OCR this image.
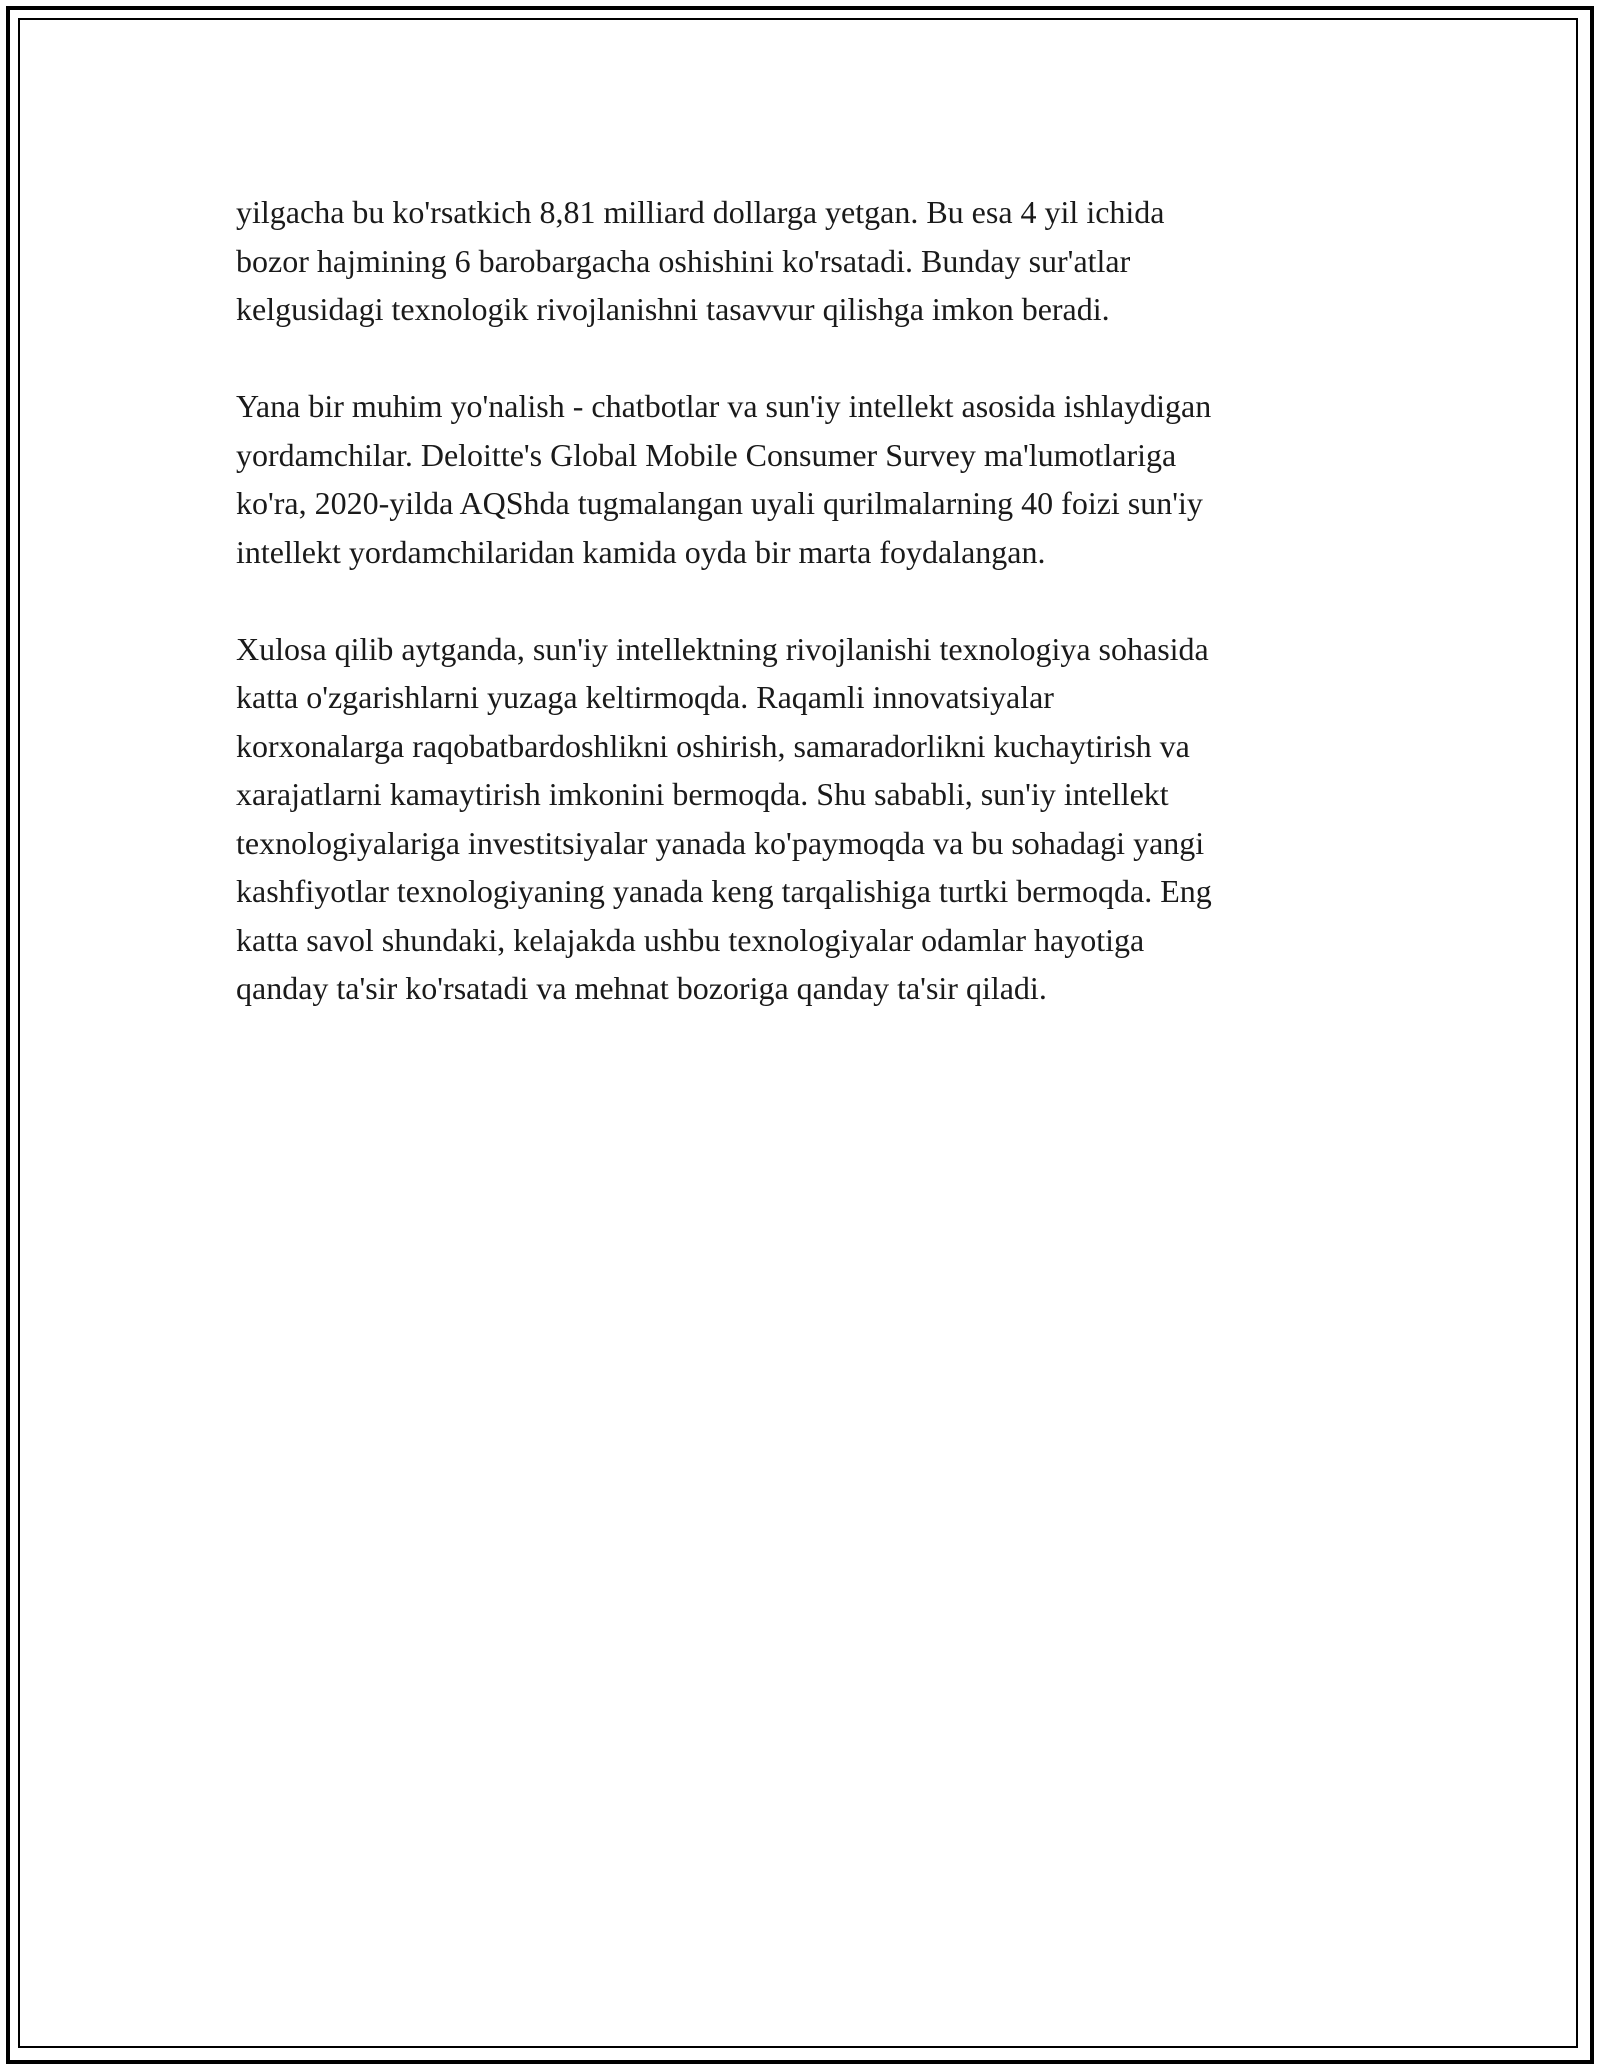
yilgacha bu ko'rsatkich 8,81 milliard dollarga yetgan. Bu esa 4 yil ichida
bozor hajmining 6 barobargacha oshishini ko'rsatadi. Bunday sur'atlar
kelgusidagi texnologik rivojlanishni tasavvur qilishga imkon beradi.

Yana bir muhim yo'nalish - chatbotlar va sun'iy intellekt asosida ishlaydigan
yordamchilar. Deloitte's Global Mobile Consumer Survey ma'lumotlariga
ko'ra, 2020-yilda AQShda tugmalangan uyali qurilmalarning 40 foizi sun'iy
intellekt yordamchilaridan kamida oyda bir marta foydalangan.

Xulosa qilib aytganda, sun'iy intellektning rivojlanishi texnologiya sohasida
katta o'zgarishlarni yuzaga keltirmoqda. Raqamli innovatsiyalar
korxonalarga raqobatbardoshlikni oshirish, samaradorlikni kuchaytirish va
xarajatlarni kamaytirish imkonini bermoqda. Shu sababli, sun'iy intellekt
texnologiyalariga investitsiyalar yanada ko'paymoqda va bu sohadagi yangi
kashfiyotlar texnologiyaning yanada keng tarqalishiga turtki bermoqda. Eng
katta savol shundaki, kelajakda ushbu texnologiyalar odamlar hayotiga
qanday ta'sir ko'rsatadi va mehnat bozoriga qanday ta'sir qiladi.
